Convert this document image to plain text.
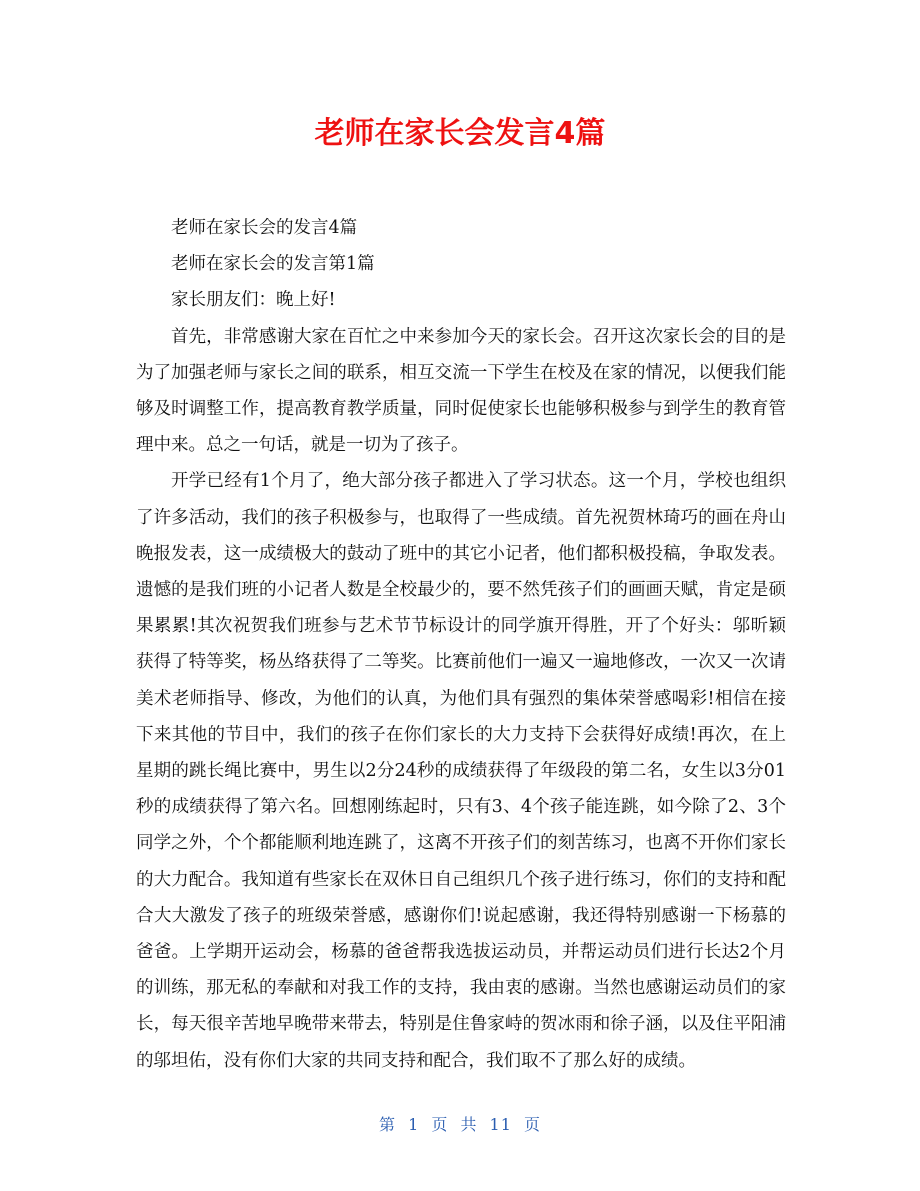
老师在家长会发言4篇

老师在家长会的发言4篇

老师在家长会的发言第1篇

家长朋友们：晚上好!

首先，非常感谢大家在百忙之中来参加今天的家长会。召开这次家长会的目的是为了加强老师与家长之间的联系，相互交流一下学生在校及在家的情况，以便我们能够及时调整工作，提高教育教学质量，同时促使家长也能够积极参与到学生的教育管理中来。总之一句话，就是一切为了孩子。

开学已经有1个月了，绝大部分孩子都进入了学习状态。这一个月，学校也组织了许多活动，我们的孩子积极参与，也取得了一些成绩。首先祝贺林琦巧的画在舟山晚报发表，这一成绩极大的鼓动了班中的其它小记者，他们都积极投稿，争取发表。遗憾的是我们班的小记者人数是全校最少的，要不然凭孩子们的画画天赋，肯定是硕果累累!其次祝贺我们班参与艺术节节标设计的同学旗开得胜，开了个好头：邬昕颖获得了特等奖，杨丛络获得了二等奖。比赛前他们一遍又一遍地修改，一次又一次请美术老师指导、修改，为他们的认真，为他们具有强烈的集体荣誉感喝彩!相信在接下来其他的节目中，我们的孩子在你们家长的大力支持下会获得好成绩!再次，在上星期的跳长绳比赛中，男生以2分24秒的成绩获得了年级段的第二名，女生以3分01秒的成绩获得了第六名。回想刚练起时，只有3、4个孩子能连跳，如今除了2、3个同学之外，个个都能顺利地连跳了，这离不开孩子们的刻苦练习，也离不开你们家长的大力配合。我知道有些家长在双休日自己组织几个孩子进行练习，你们的支持和配合大大激发了孩子的班级荣誉感，感谢你们!说起感谢，我还得特别感谢一下杨慕的爸爸。上学期开运动会，杨慕的爸爸帮我选拔运动员，并帮运动员们进行长达2个月的训练，那无私的奉献和对我工作的支持，我由衷的感谢。当然也感谢运动员们的家长，每天很辛苦地早晚带来带去，特别是住鲁家峙的贺冰雨和徐子涵，以及住平阳浦的邬坦佑，没有你们大家的共同支持和配合，我们取不了那么好的成绩。

第 1 页 共 11 页
